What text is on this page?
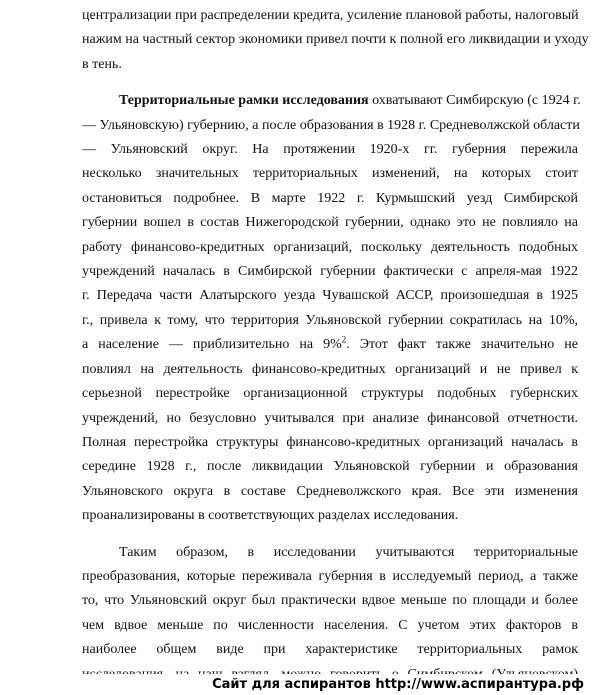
централизации при распределении кредита, усиление плановой работы, налоговый
нажим на частный сектор экономики привел почти к полной его ликвидации и уходу
в тень.
Территориальные рамки исследования охватывают Симбирскую (с 1924 г.
— Ульяновскую) губернию, а после образования в 1928 г. Средневолжской области
— Ульяновский округ. На протяжении 1920-х гг. губерния пережила
несколько значительных территориальных изменений, на которых стоит
остановиться подробнее. В марте 1922 г. Курмышский уезд Симбирской
губернии вошел в состав Нижегородской губернии, однако это не повлияло на
работу финансово-кредитных организаций, поскольку деятельность подобных
учреждений началась в Симбирской губернии фактически с апреля-мая 1922
г. Передача части Алатырского уезда Чувашской АССР, произошедшая в 1925
г., привела к тому, что территория Ульяновской губернии сократилась на 10%,
а население — приблизительно на 9%$^2$. Этот факт также значительно не
повлиял на деятельность финансово-кредитных организаций и не привел к
серьезной перестройке организационной структуры подобных губернских
учреждений, но безусловно учитывался при анализе финансовой отчетности.
Полная перестройка структуры финансово-кредитных организаций началась в
середине 1928 г., после ликвидации Ульяновской губернии и образования
Ульяновского округа в составе Средневолжского края. Все эти изменения
проанализированы в соответствующих разделах исследования.
Таким образом, в исследовании учитываются территориальные
преобразования, которые переживала губерния в исследуемый период, а также
то, что Ульяновский округ был практически вдвое меньше по площади и более
чем вдвое меньше по численности населения. С учетом этих факторов в
наиболее общем виде при характеристике территориальных рамок
Сайт для аспирантов http://www.аспирантура.рф
